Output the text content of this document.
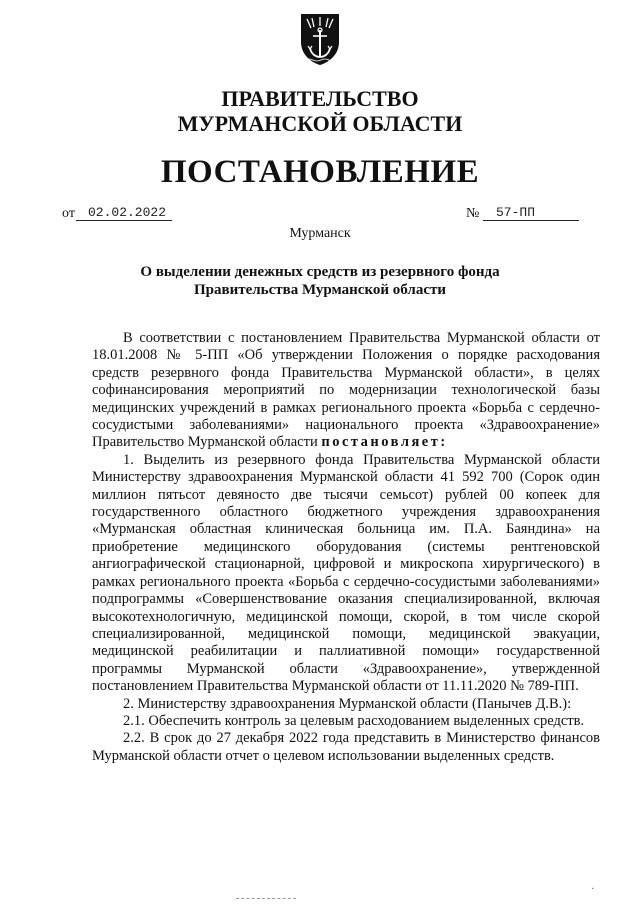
ПРАВИТЕЛЬСТВО
МУРМАНСКОЙ ОБЛАСТИ
ПОСТАНОВЛЕНИЕ
от 02.02.2022	№ 57-ПП
Мурманск
О выделении денежных средств из резервного фонда
Правительства Мурманской области

В соответствии с постановлением Правительства Мурманской области от 18.01.2008 № 5-ПП «Об утверждении Положения о порядке расходования средств резервного фонда Правительства Мурманской области», в целях софинансирования мероприятий по модернизации технологической базы медицинских учреждений в рамках регионального проекта «Борьба с сердечно-сосудистыми заболеваниями» национального проекта «Здравоохранение» Правительство Мурманской области постановляет:

1. Выделить из резервного фонда Правительства Мурманской области Министерству здравоохранения Мурманской области 41 592 700 (Сорок один миллион пятьсот девяносто две тысячи семьсот) рублей 00 копеек для государственного областного бюджетного учреждения здравоохранения «Мурманская областная клиническая больница им. П.А. Баяндина» на приобретение медицинского оборудования (системы рентгеновской ангиографической стационарной, цифровой и микроскопа хирургического) в рамках регионального проекта «Борьба с сердечно-сосудистыми заболеваниями» подпрограммы «Совершенствование оказания специализированной, включая высокотехнологичную, медицинской помощи, скорой, в том числе скорой специализированной, медицинской помощи, медицинской эвакуации, медицинской реабилитации и паллиативной помощи» государственной программы Мурманской области «Здравоохранение», утвержденной постановлением Правительства Мурманской области от 11.11.2020 № 789-ПП.

2. Министерству здравоохранения Мурманской области (Панычев Д.В.):

2.1. Обеспечить контроль за целевым расходованием выделенных средств.

2.2. В срок до 27 декабря 2022 года представить в Министерство финансов Мурманской области отчет о целевом использовании выделенных средств.

·
